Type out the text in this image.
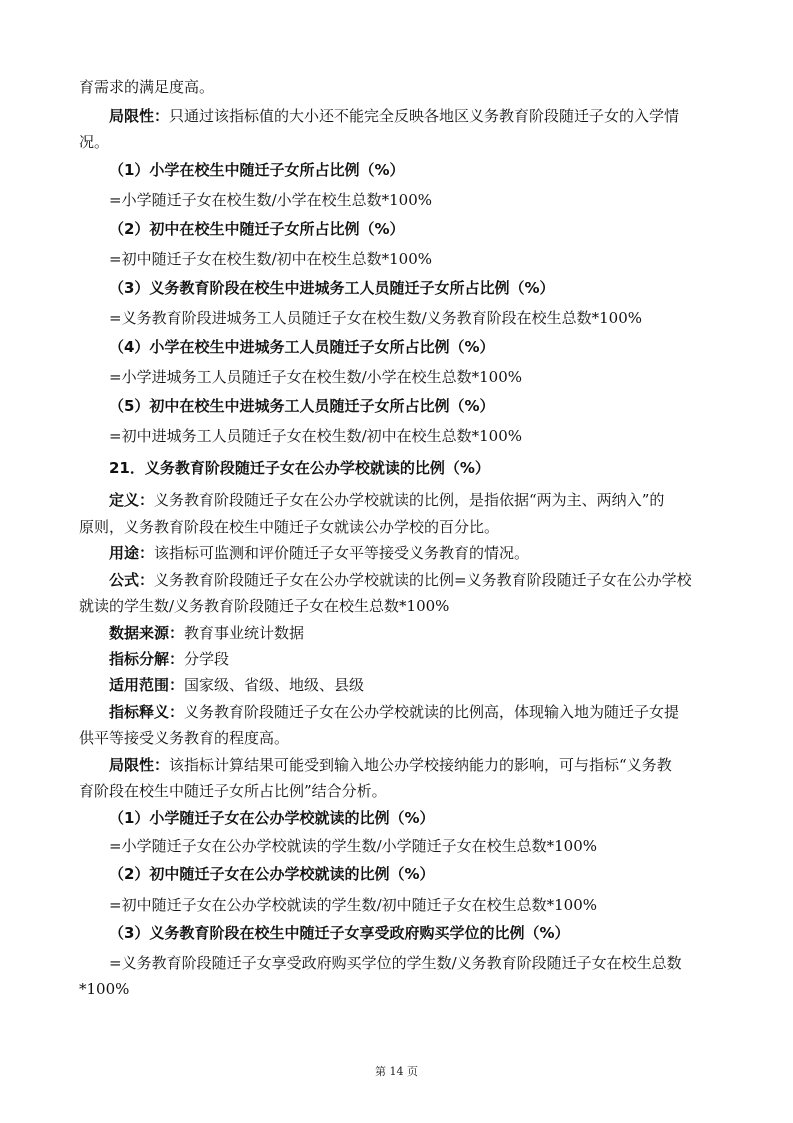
育需求的满足度高。
局限性：只通过该指标值的大小还不能完全反映各地区义务教育阶段随迁子女的入学情
况。
（1）小学在校生中随迁子女所占比例（%）
=小学随迁子女在校生数/小学在校生总数*100%
（2）初中在校生中随迁子女所占比例（%）
=初中随迁子女在校生数/初中在校生总数*100%
（3）义务教育阶段在校生中进城务工人员随迁子女所占比例（%）
=义务教育阶段进城务工人员随迁子女在校生数/义务教育阶段在校生总数*100%
（4）小学在校生中进城务工人员随迁子女所占比例（%）
=小学进城务工人员随迁子女在校生数/小学在校生总数*100%
（5）初中在校生中进城务工人员随迁子女所占比例（%）
=初中进城务工人员随迁子女在校生数/初中在校生总数*100%
21．义务教育阶段随迁子女在公办学校就读的比例（%）
定义：义务教育阶段随迁子女在公办学校就读的比例，是指依据“两为主、两纳入”的
原则，义务教育阶段在校生中随迁子女就读公办学校的百分比。
用途：该指标可监测和评价随迁子女平等接受义务教育的情况。
公式：义务教育阶段随迁子女在公办学校就读的比例=义务教育阶段随迁子女在公办学校
就读的学生数/义务教育阶段随迁子女在校生总数*100%
数据来源：教育事业统计数据
指标分解：分学段
适用范围：国家级、省级、地级、县级
指标释义：义务教育阶段随迁子女在公办学校就读的比例高，体现输入地为随迁子女提
供平等接受义务教育的程度高。
局限性：该指标计算结果可能受到输入地公办学校接纳能力的影响，可与指标“义务教
育阶段在校生中随迁子女所占比例”结合分析。
（1）小学随迁子女在公办学校就读的比例（%）
=小学随迁子女在公办学校就读的学生数/小学随迁子女在校生总数*100%
（2）初中随迁子女在公办学校就读的比例（%）
=初中随迁子女在公办学校就读的学生数/初中随迁子女在校生总数*100%
（3）义务教育阶段在校生中随迁子女享受政府购买学位的比例（%）
=义务教育阶段随迁子女享受政府购买学位的学生数/义务教育阶段随迁子女在校生总数
*100%
第 14 页
